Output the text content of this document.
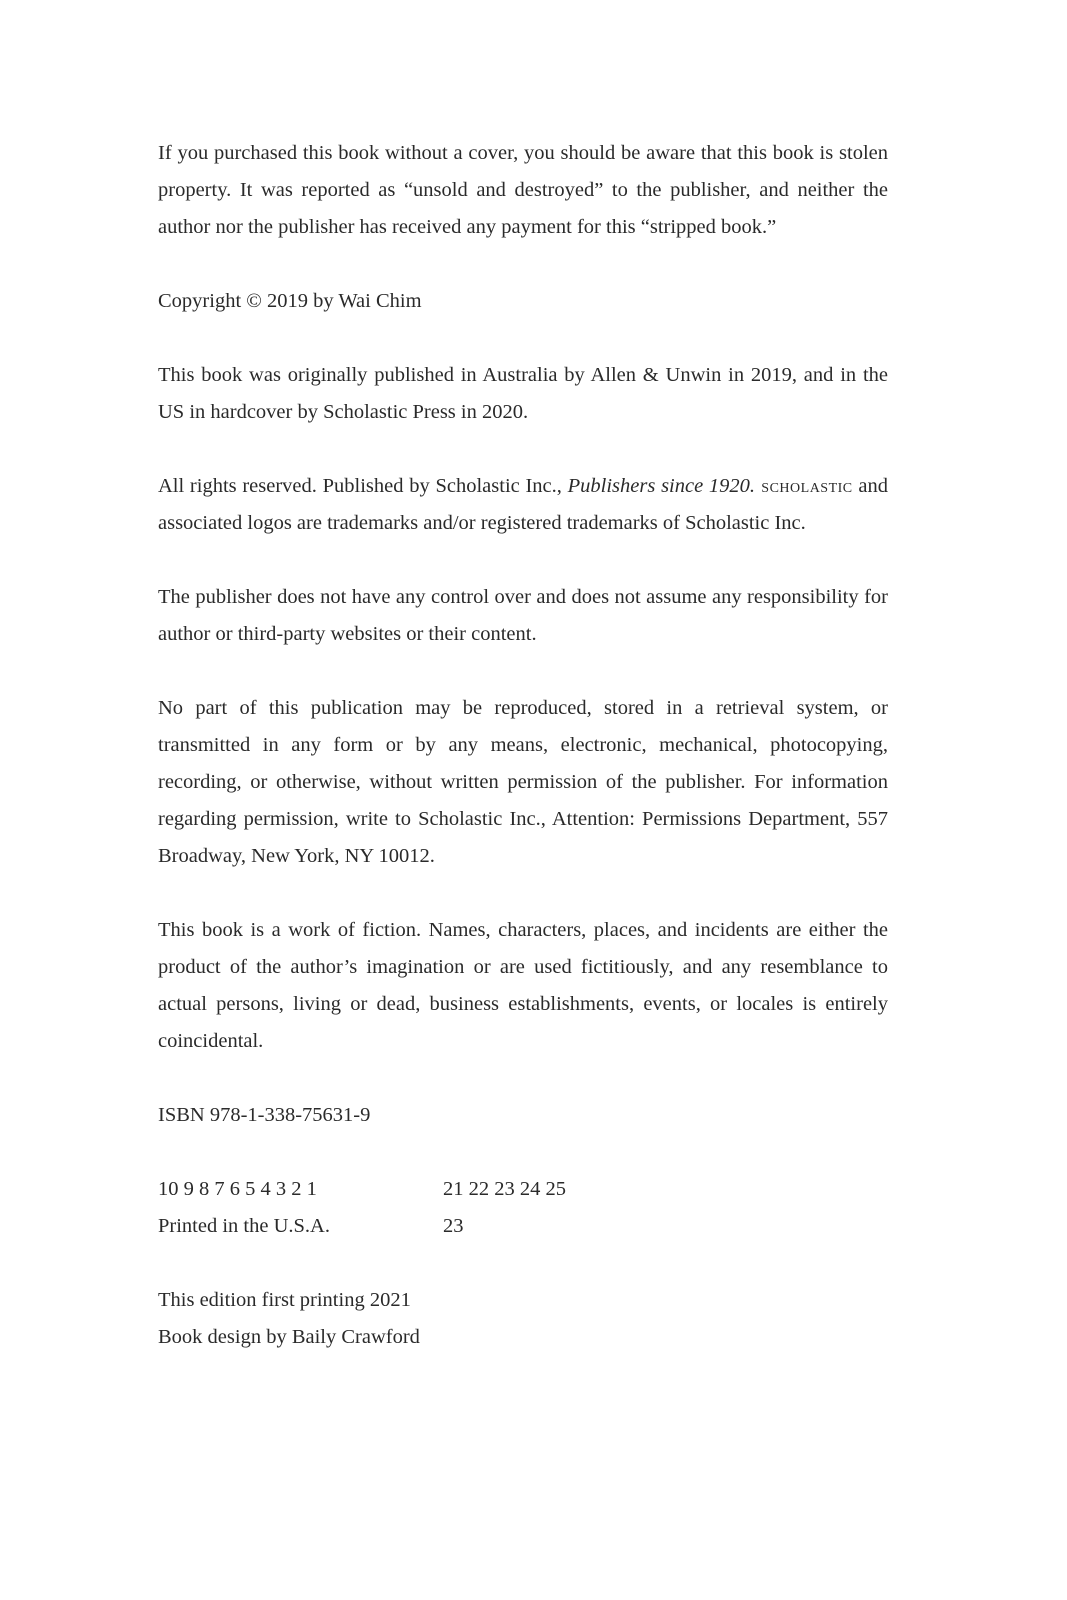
If you purchased this book without a cover, you should be aware that this book is stolen property. It was reported as “unsold and destroyed” to the publisher, and neither the author nor the publisher has received any payment for this “stripped book.”

Copyright © 2019 by Wai Chim

This book was originally published in Australia by Allen & Unwin in 2019, and in the US in hardcover by Scholastic Press in 2020.

All rights reserved. Published by Scholastic Inc., Publishers since 1920. scholastic and associated logos are trademarks and/or registered trademarks of Scholastic Inc.

The publisher does not have any control over and does not assume any responsibility for author or third-party websites or their content.

No part of this publication may be reproduced, stored in a retrieval system, or transmitted in any form or by any means, electronic, mechanical, photocopying, recording, or otherwise, without written permission of the publisher. For information regarding permission, write to Scholastic Inc., Attention: Permissions Department, 557 Broadway, New York, NY 10012.

This book is a work of fiction. Names, characters, places, and incidents are either the product of the author’s imagination or are used fictitiously, and any resemblance to actual persons, living or dead, business establishments, events, or locales is entirely coincidental.

ISBN 978-1-338-75631-9

10 9 8 7 6 5 4 3 2 1	21 22 23 24 25
Printed in the U.S.A.	23
This edition first printing 2021
Book design by Baily Crawford
